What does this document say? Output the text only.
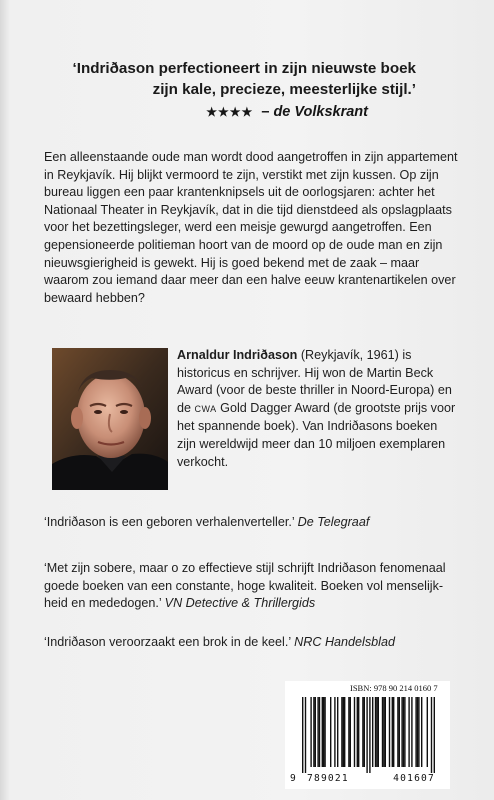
‘Indriðason perfectioneert in zijn nieuwste boek
zijn kale, precieze, meesterlijke stijl.’
★★★★ – de Volkskrant

Een alleenstaande oude man wordt dood aangetroffen in zijn appartement in Reykjavík. Hij blijkt vermoord te zijn, verstikt met zijn kussen. Op zijn bureau liggen een paar krantenknipsels uit de oorlogsjaren: achter het Nationaal Theater in Reykjavík, dat in die tijd dienstdeed als opslagplaats voor het bezettingsleger, werd een meisje gewurgd aangetroffen. Een gepensioneerde politieman hoort van de moord op de oude man en zijn nieuwsgierigheid is gewekt. Hij is goed bekend met de zaak – maar waarom zou iemand daar meer dan een halve eeuw krantenartikelen over bewaard hebben?

Arnaldur Indriðason (Reykjavík, 1961) is historicus en schrijver. Hij won de Martin Beck Award (voor de beste thriller in Noord-Europa) en de CWA Gold Dagger Award (de grootste prijs voor het spannende boek). Van Indriðasons boeken zijn wereldwijd meer dan 10 miljoen exemplaren verkocht.

‘Indriðason is een geboren verhalenverteller.’ De Telegraaf

‘Met zijn sobere, maar o zo effectieve stijl schrijft Indriðason fenomenaal goede boeken van een constante, hoge kwaliteit. Boeken vol menselijk-heid en mededogen.’ VN Detective & Thrillergids

‘Indriðason veroorzaakt een brok in de keel.’ NRC Handelsblad

ISBN: 978 90 214 0160 7
9 789021	401607
